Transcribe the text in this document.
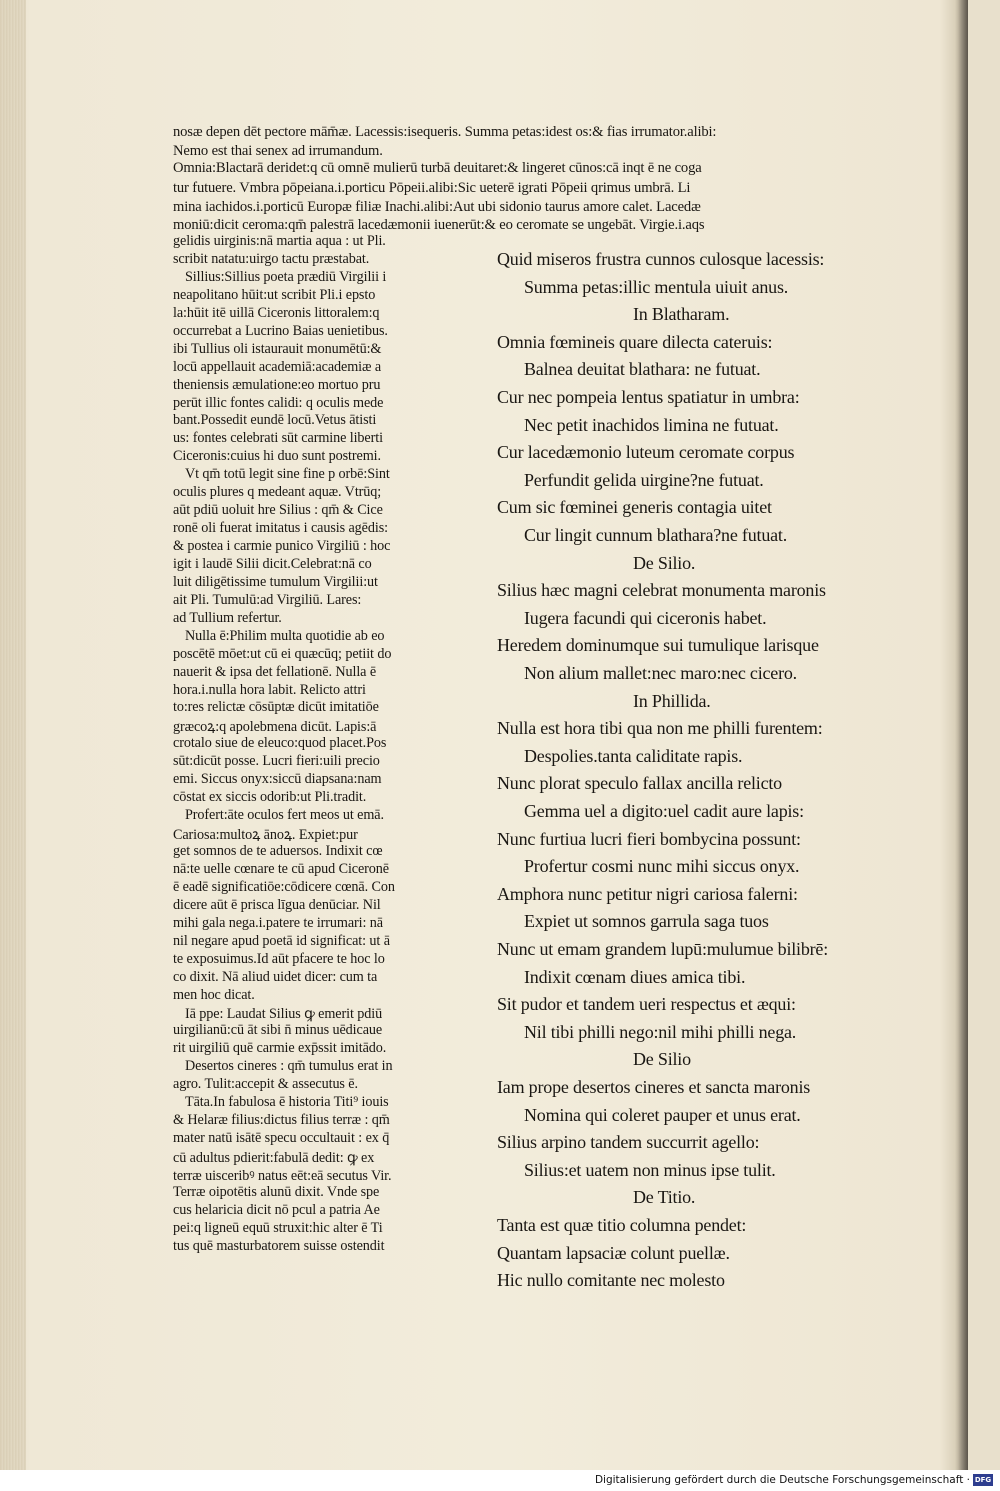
nosæ depen dēt pectore mām̄æ. Lacessis:isequeris. Summa petas:idest os:& fias irrumator.alibi:
Nemo est thai senex ad irrumandum.
Omnia:Blactarā deridet:q cū omnē mulierū turbā deuitaret:& lingeret cūnos:cā inqt ē ne coga
tur futuere. Vmbra pōpeiana.i.porticu Pōpeii.alibi:Sic ueterē igrati Pōpeii qrimus umbrā. Li
mina iachidos.i.porticū Europæ filiæ Inachi.alibi:Aut ubi sidonio taurus amore calet. Lacedæ
moniū:dicit ceroma:qm̄ palestrā lacedæmonii iuenerūt:& eo ceromate se ungebāt. Virgie.i.aqs
gelidis uirginis:nā martia aqua : ut Pli.
scribit natatu:uirgo tactu præstabat.
Sillius:Sillius poeta prædiū Virgilii i
neapolitano hūit:ut scribit Pli.i epsto
la:hūit itē uillā Ciceronis littoralem:q
occurrebat a Lucrino Baias uenietibus.
ibi Tullius oli istaurauit monumētū:&
locū appellauit academiā:academiæ a
theniensis æmulatione:eo mortuo pru
perūt illic fontes calidi: q oculis mede
bant.Possedit eundē locū.Vetus ātisti
us: fontes celebrati sūt carmine liberti
Ciceronis:cuius hi duo sunt postremi.
Vt qm̄ totū legit sine fine p orbē:Sint
oculis plures q medeant aquæ. Vtrūq;
aūt pdiū uoluit hre Silius : qm̄ & Cice
ronē oli fuerat imitatus i causis agēdis:
& postea i carmie punico Virgiliū : hoc
igit i laudē Silii dicit.Celebrat:nā co
luit diligētissime tumulum Virgilii:ut
ait Pli. Tumulū:ad Virgiliū. Lares:
ad Tullium refertur.
Nulla ē:Philim multa quotidie ab eo
poscētē mōet:ut cū ei quæcūq; petiit do
nauerit & ipsa det fellationē. Nulla ē
hora.i.nulla hora labit. Relicto attri
to:res relictæ cōsūptæ dicūt imitatiōe
græcoꝝ:q apolebmena dicūt. Lapis:ā
crotalo siue de eleuco:quod placet.Pos
sūt:dicūt posse. Lucri fieri:uili precio
emi. Siccus onyx:siccū diapsana:nam
cōstat ex siccis odorib:ut Pli.tradit.
Profert:āte oculos fert meos ut emā.
Cariosa:multoꝝ ānoꝝ. Expiet:pur
get somnos de te aduersos. Indixit cœ
nā:te uelle cœnare te cū apud Ciceronē
ē eadē significatiōe:cōdicere cœnā. Con
dicere aūt ē prisca līgua denūciar. Nil
mihi gala nega.i.patere te irrumari: nā
nil negare apud poetā id significat: ut ā
te exposuimus.Id aūt pfacere te hoc lo
co dixit. Nā aliud uidet dicer: cum ta
men hoc dicat.
Iā ppe: Laudat Silius ꝙ emerit pdiū
uirgilianū:cū āt sibi n̄ minus uēdicaue
rit uirgiliū quē carmie exp̄ssit imitādo.
Desertos cineres : qm̄ tumulus erat in
agro. Tulit:accepit & assecutus ē.
Tāta.In fabulosa ē historia Titi⁹ iouis
& Helaræ filius:dictus filius terræ : qm̄
mater natū isātē specu occultauit : ex q̄
cū adultus pdierit:fabulā dedit: ꝙ ex
terræ uisceribꝰ natus eēt:eā secutus Vir.
Terræ oipotētis alunū dixit. Vnde spe
cus helaricia dicit nō pcul a patria Ae
pei:q ligneū equū struxit:hic alter ē Ti
tus quē masturbatorem suisse ostendit
Quid miseros frustra cunnos culosque lacessis:
Summa petas:illic mentula uiuit anus.
In Blatharam.
Omnia fœmineis quare dilecta cateruis:
Balnea deuitat blathara: ne futuat.
Cur nec pompeia lentus spatiatur in umbra:
Nec petit inachidos limina ne futuat.
Cur lacedæmonio luteum ceromate corpus
Perfundit gelida uirgine?ne futuat.
Cum sic fœminei generis contagia uitet
Cur lingit cunnum blathara?ne futuat.
De Silio.
Silius hæc magni celebrat monumenta maronis
Iugera facundi qui ciceronis habet.
Heredem dominumque sui tumulique larisque
Non alium mallet:nec maro:nec cicero.
In Phillida.
Nulla est hora tibi qua non me philli furentem:
Despolies.tanta caliditate rapis.
Nunc plorat speculo fallax ancilla relicto
Gemma uel a digito:uel cadit aure lapis:
Nunc furtiua lucri fieri bombycina possunt:
Profertur cosmi nunc mihi siccus onyx.
Amphora nunc petitur nigri cariosa falerni:
Expiet ut somnos garrula saga tuos
Nunc ut emam grandem lupū:mulumue bilibrē:
Indixit cœnam diues amica tibi.
Sit pudor et tandem ueri respectus et æqui:
Nil tibi philli nego:nil mihi philli nega.
De Silio
Iam prope desertos cineres et sancta maronis
Nomina qui coleret pauper et unus erat.
Silius arpino tandem succurrit agello:
Silius:et uatem non minus ipse tulit.
De Titio.
Tanta est quæ titio columna pendet:
Quantam lapsaciæ colunt puellæ.
Hic nullo comitante nec molesto
Digitalisierung gefördert durch die Deutsche Forschungsgemeinschaft · DFG
